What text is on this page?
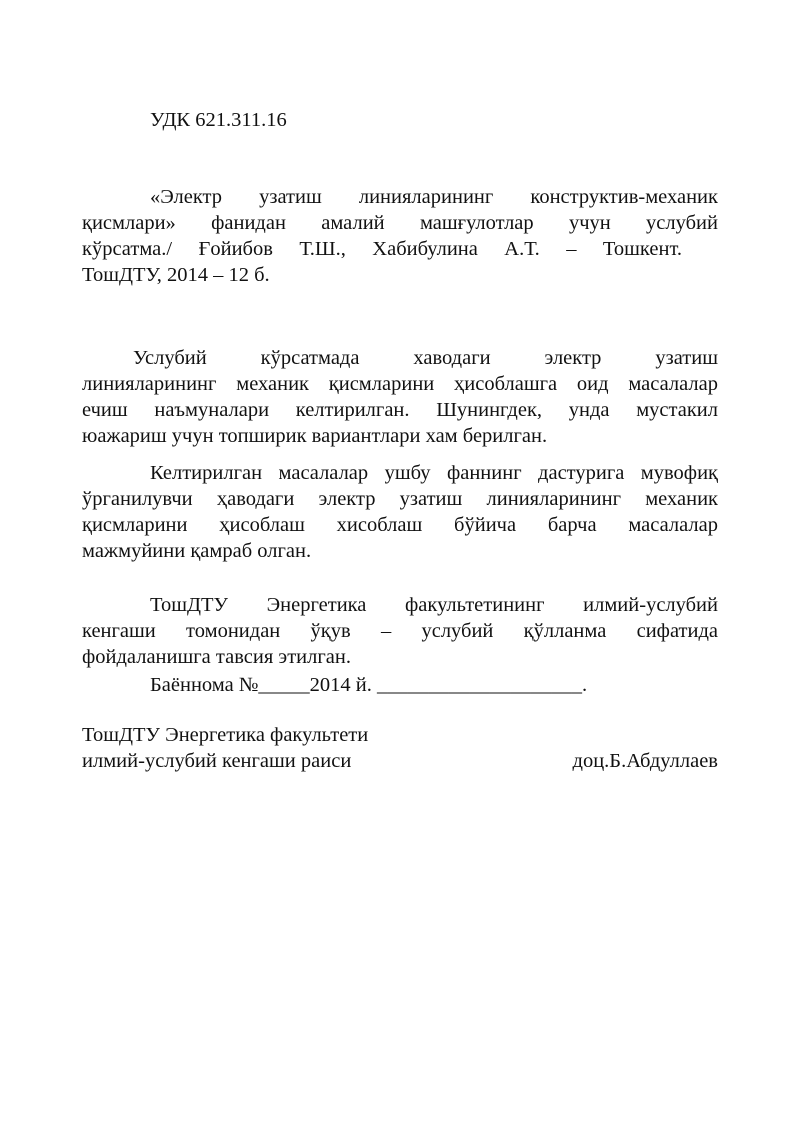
УДК 621.311.16
«Электр узатиш линияларининг конструктив-механик
қисмлари» фанидан амалий машғулотлар учун услубий
кўрсатма./ Ғойибов Т.Ш., Хабибулина А.Т. – Тошкент.
ТошДТУ, 2014 – 12 б.
Услубий кўрсатмада хаводаги электр узатиш
линияларининг механик қисмларини ҳисоблашга оид масалалар
ечиш наъмуналари келтирилган. Шунингдек, унда мустакил
юажариш учун топширик вариантлари хам берилган.
Келтирилган масалалар ушбу фаннинг дастурига мувофиқ
ўрганилувчи ҳаводаги электр узатиш линияларининг механик
қисмларини ҳисоблаш хисоблаш бўйича барча масалалар
мажмуйини қамраб олган.
ТошДТУ Энергетика факультетининг илмий-услубий
кенгаши томонидан ўқув – услубий қўлланма сифатида
фойдаланишга тавсия этилган.
Баённома №_____2014 й. ____________________.
ТошДТУ Энергетика факультети
илмий-услубий кенгаши раиси	доц.Б.Абдуллаев
